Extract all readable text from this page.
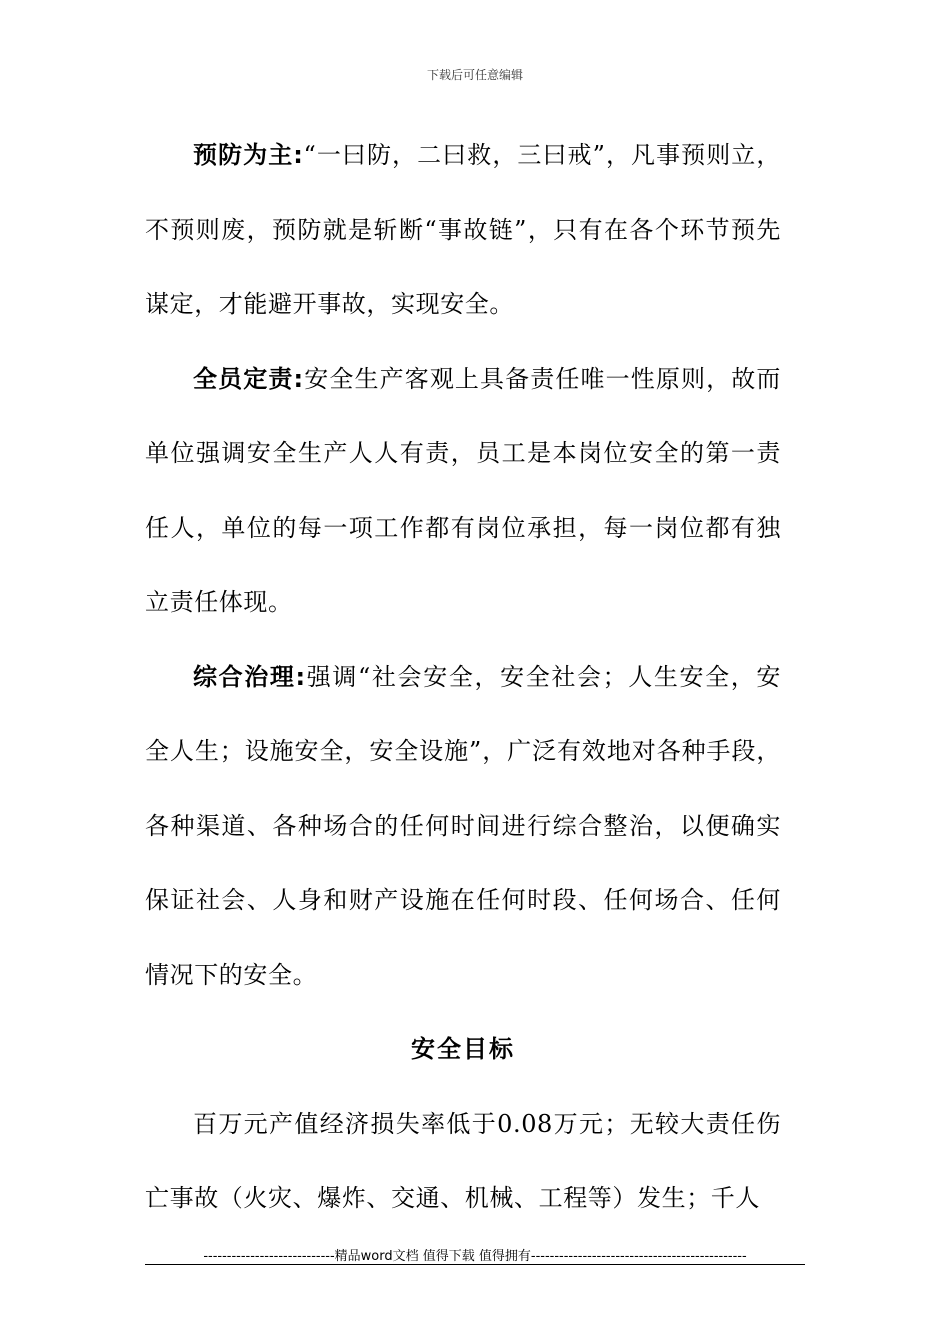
下载后可任意编辑

预防为主:“一曰防，二曰救，三曰戒”，凡事预则立，不预则废，预防就是斩断“事故链”，只有在各个环节预先谋定，才能避开事故，实现安全。

全员定责:安全生产客观上具备责任唯一性原则，故而单位强调安全生产人人有责，员工是本岗位安全的第一责任人，单位的每一项工作都有岗位承担，每一岗位都有独立责任体现。

综合治理:强调“社会安全，安全社会；人生安全，安全人生；设施安全，安全设施”，广泛有效地对各种手段，各种渠道、各种场合的任何时间进行综合整治，以便确实保证社会、人身和财产设施在任何时段、任何场合、任何情况下的安全。

安全目标

百万元产值经济损失率低于0.08万元；无较大责任伤亡事故（火灾、爆炸、交通、机械、工程等）发生；千人

----------------------------精品word文档 值得下载 值得拥有----------------------------------------------
